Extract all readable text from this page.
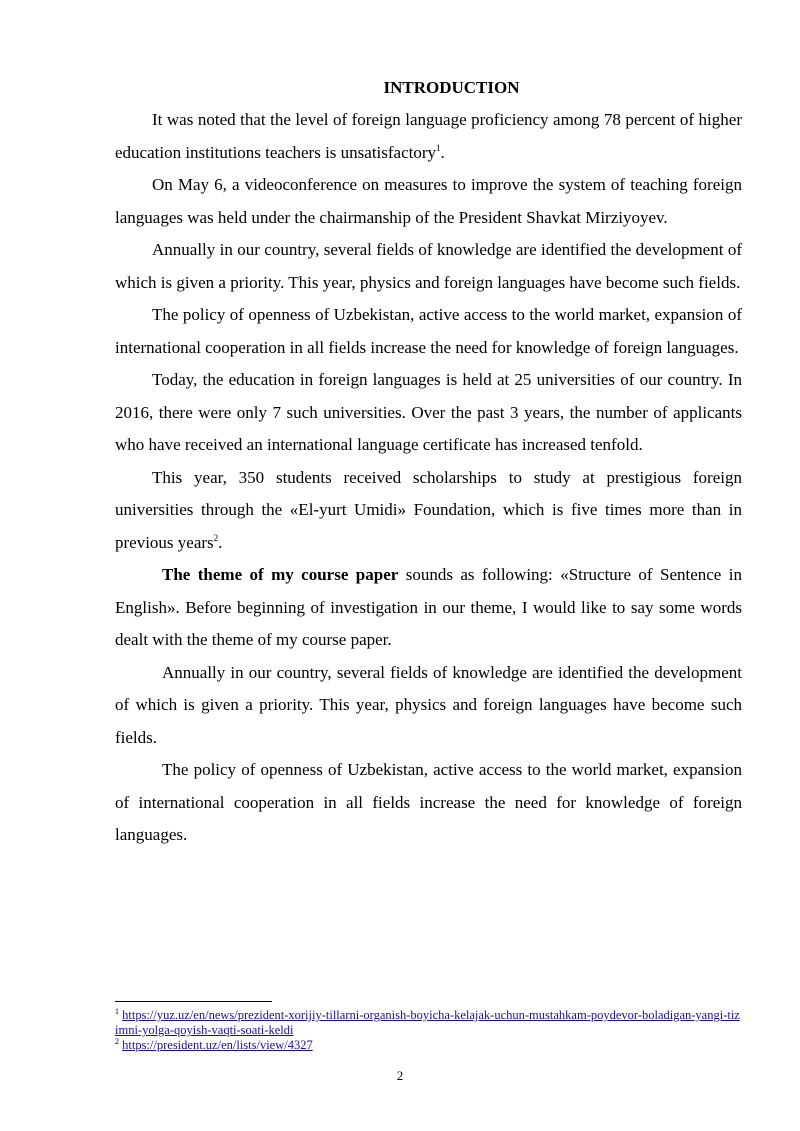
INTRODUCTION

It was noted that the level of foreign language proficiency among 78 percent of higher education institutions teachers is unsatisfactory$^1$.

On May 6, a videoconference on measures to improve the system of teaching foreign languages was held under the chairmanship of the President Shavkat Mirziyoyev.

Annually in our country, several fields of knowledge are identified the development of which is given a priority. This year, physics and foreign languages have become such fields.

The policy of openness of Uzbekistan, active access to the world market, expansion of international cooperation in all fields increase the need for knowledge of foreign languages.

Today, the education in foreign languages is held at 25 universities of our country. In 2016, there were only 7 such universities. Over the past 3 years, the number of applicants who have received an international language certificate has increased tenfold.

This year, 350 students received scholarships to study at prestigious foreign universities through the «El-yurt Umidi» Foundation, which is five times more than in previous years$^2$.

The theme of my course paper sounds as following: «Structure of Sentence in English». Before beginning of investigation in our theme, I would like to say some words dealt with the theme of my course paper.

Annually in our country, several fields of knowledge are identified the development of which is given a priority. This year, physics and foreign languages have become such fields.

The policy of openness of Uzbekistan, active access to the world market, expansion of international cooperation in all fields increase the need for knowledge of foreign languages.

$^1$ https://yuz.uz/en/news/prezident-xorijiy-tillarni-organish-boyicha-kelajak-uchun-mustahkam-poydevor-boladigan-yangi-tizimni-yolga-qoyish-vaqti-soati-keldi
$^2$ https://president.uz/en/lists/view/4327
2
